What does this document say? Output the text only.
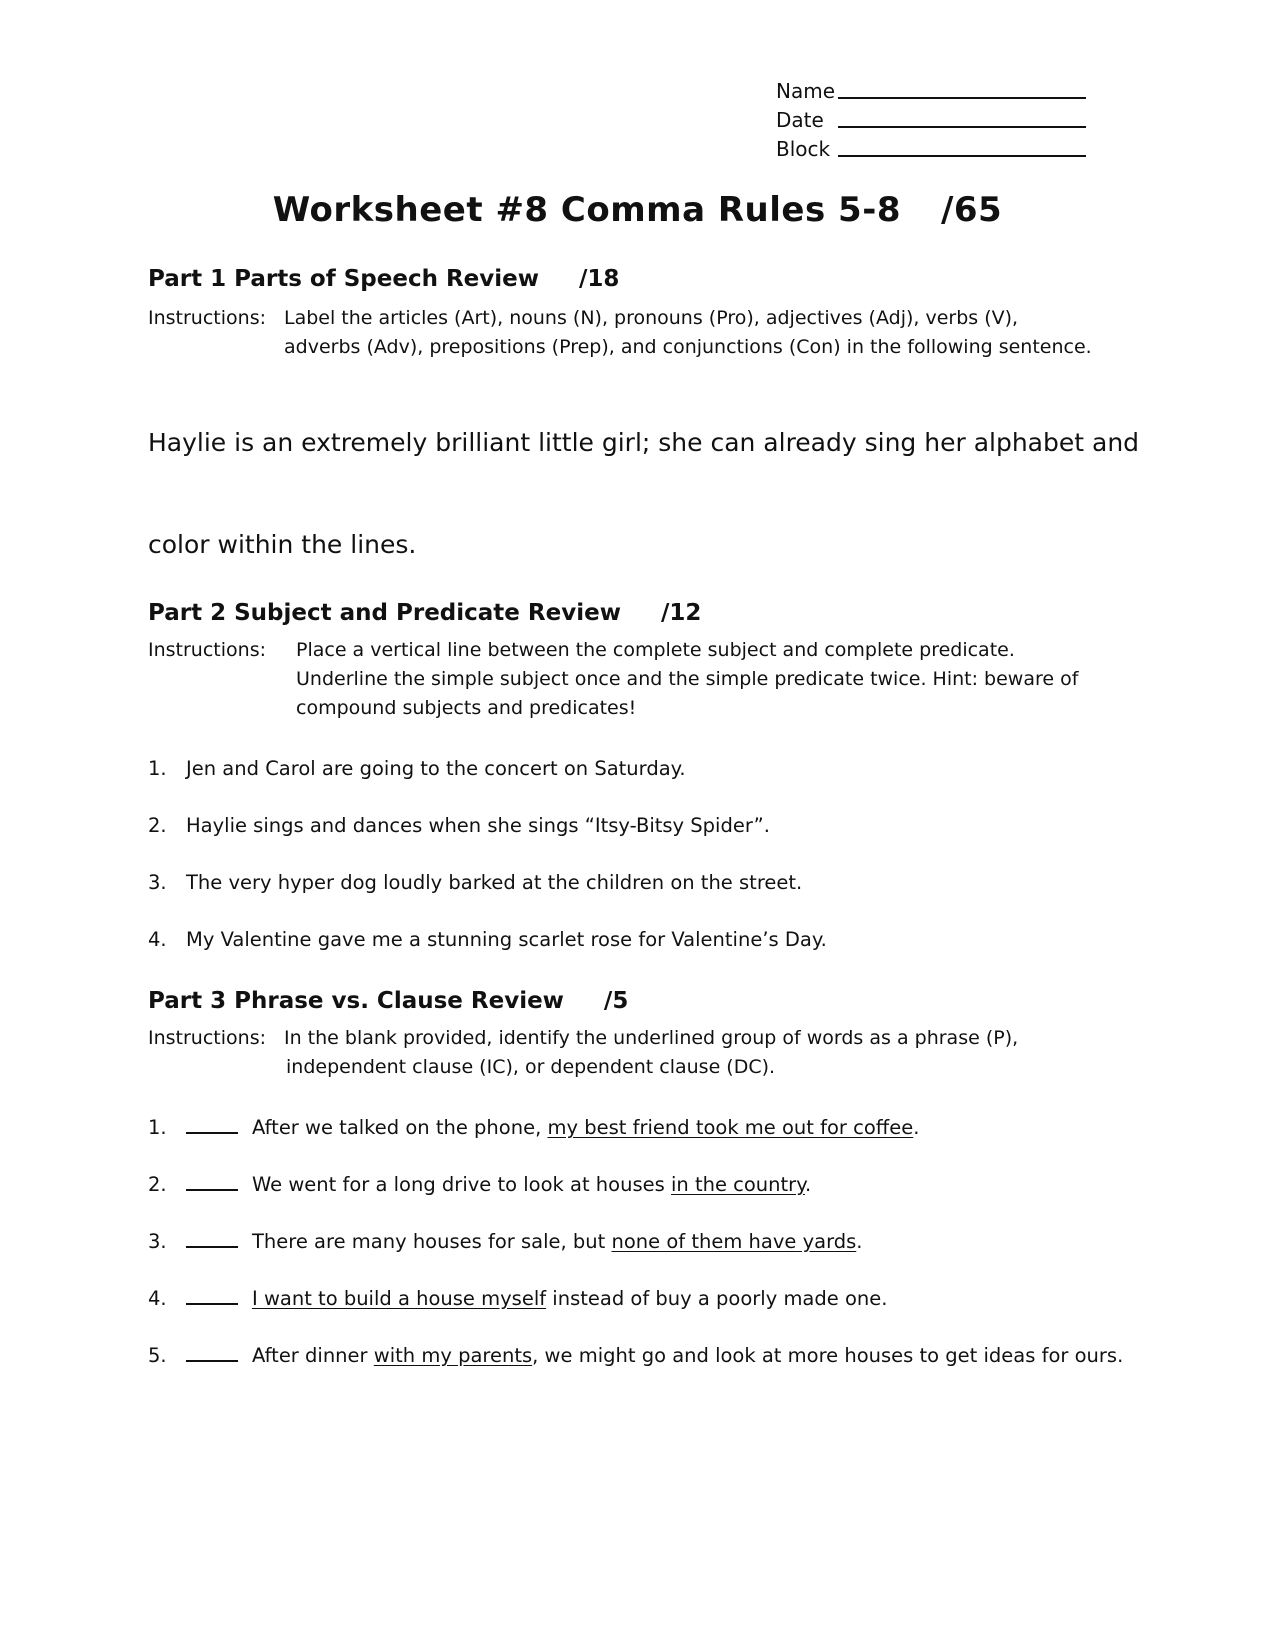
Name
Date
Block
Worksheet #8 Comma Rules 5-8 /65
Part 1 Parts of Speech Review /18
Instructions: Label the articles (Art), nouns (N), pronouns (Pro), adjectives (Adj), verbs (V),
adverbs (Adv), prepositions (Prep), and conjunctions (Con) in the following sentence.
Haylie is an extremely brilliant little girl; she can already sing her alphabet and
color within the lines.
Part 2 Subject and Predicate Review /12
Instructions: Place a vertical line between the complete subject and complete predicate.
Underline the simple subject once and the simple predicate twice. Hint: beware of
compound subjects and predicates!
1. Jen and Carol are going to the concert on Saturday.
2. Haylie sings and dances when she sings “Itsy-Bitsy Spider”.
3. The very hyper dog loudly barked at the children on the street.
4. My Valentine gave me a stunning scarlet rose for Valentine’s Day.
Part 3 Phrase vs. Clause Review /5
Instructions: In the blank provided, identify the underlined group of words as a phrase (P),
independent clause (IC), or dependent clause (DC).
1.	After we talked on the phone, my best friend took me out for coffee.
2.	We went for a long drive to look at houses in the country.
3.	There are many houses for sale, but none of them have yards.
4.	I want to build a house myself instead of buy a poorly made one.
5.	After dinner with my parents, we might go and look at more houses to get ideas for ours.
